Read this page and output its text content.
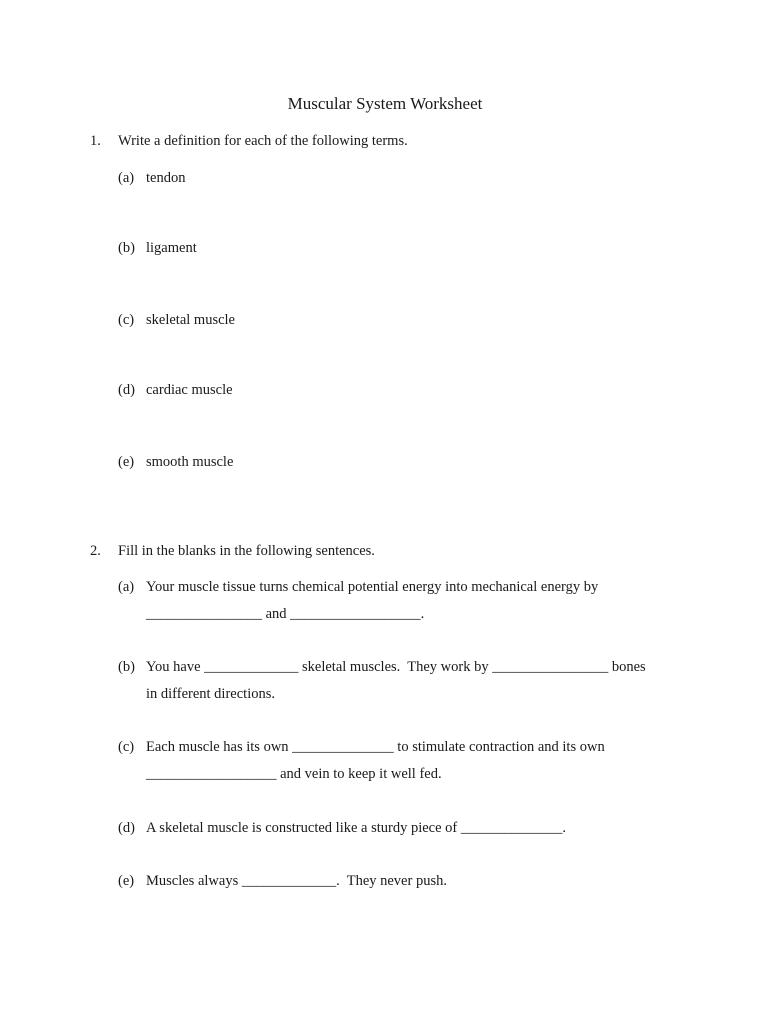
Muscular System Worksheet
1. Write a definition for each of the following terms.
(a) tendon
(b) ligament
(c) skeletal muscle
(d) cardiac muscle
(e) smooth muscle
2. Fill in the blanks in the following sentences.
(a) Your muscle tissue turns chemical potential energy into mechanical energy by
________________ and __________________.
(b) You have _____________ skeletal muscles.  They work by ________________ bones
in different directions.
(c) Each muscle has its own ______________ to stimulate contraction and its own
__________________ and vein to keep it well fed.
(d) A skeletal muscle is constructed like a sturdy piece of ______________.
(e) Muscles always _____________.  They never push.
